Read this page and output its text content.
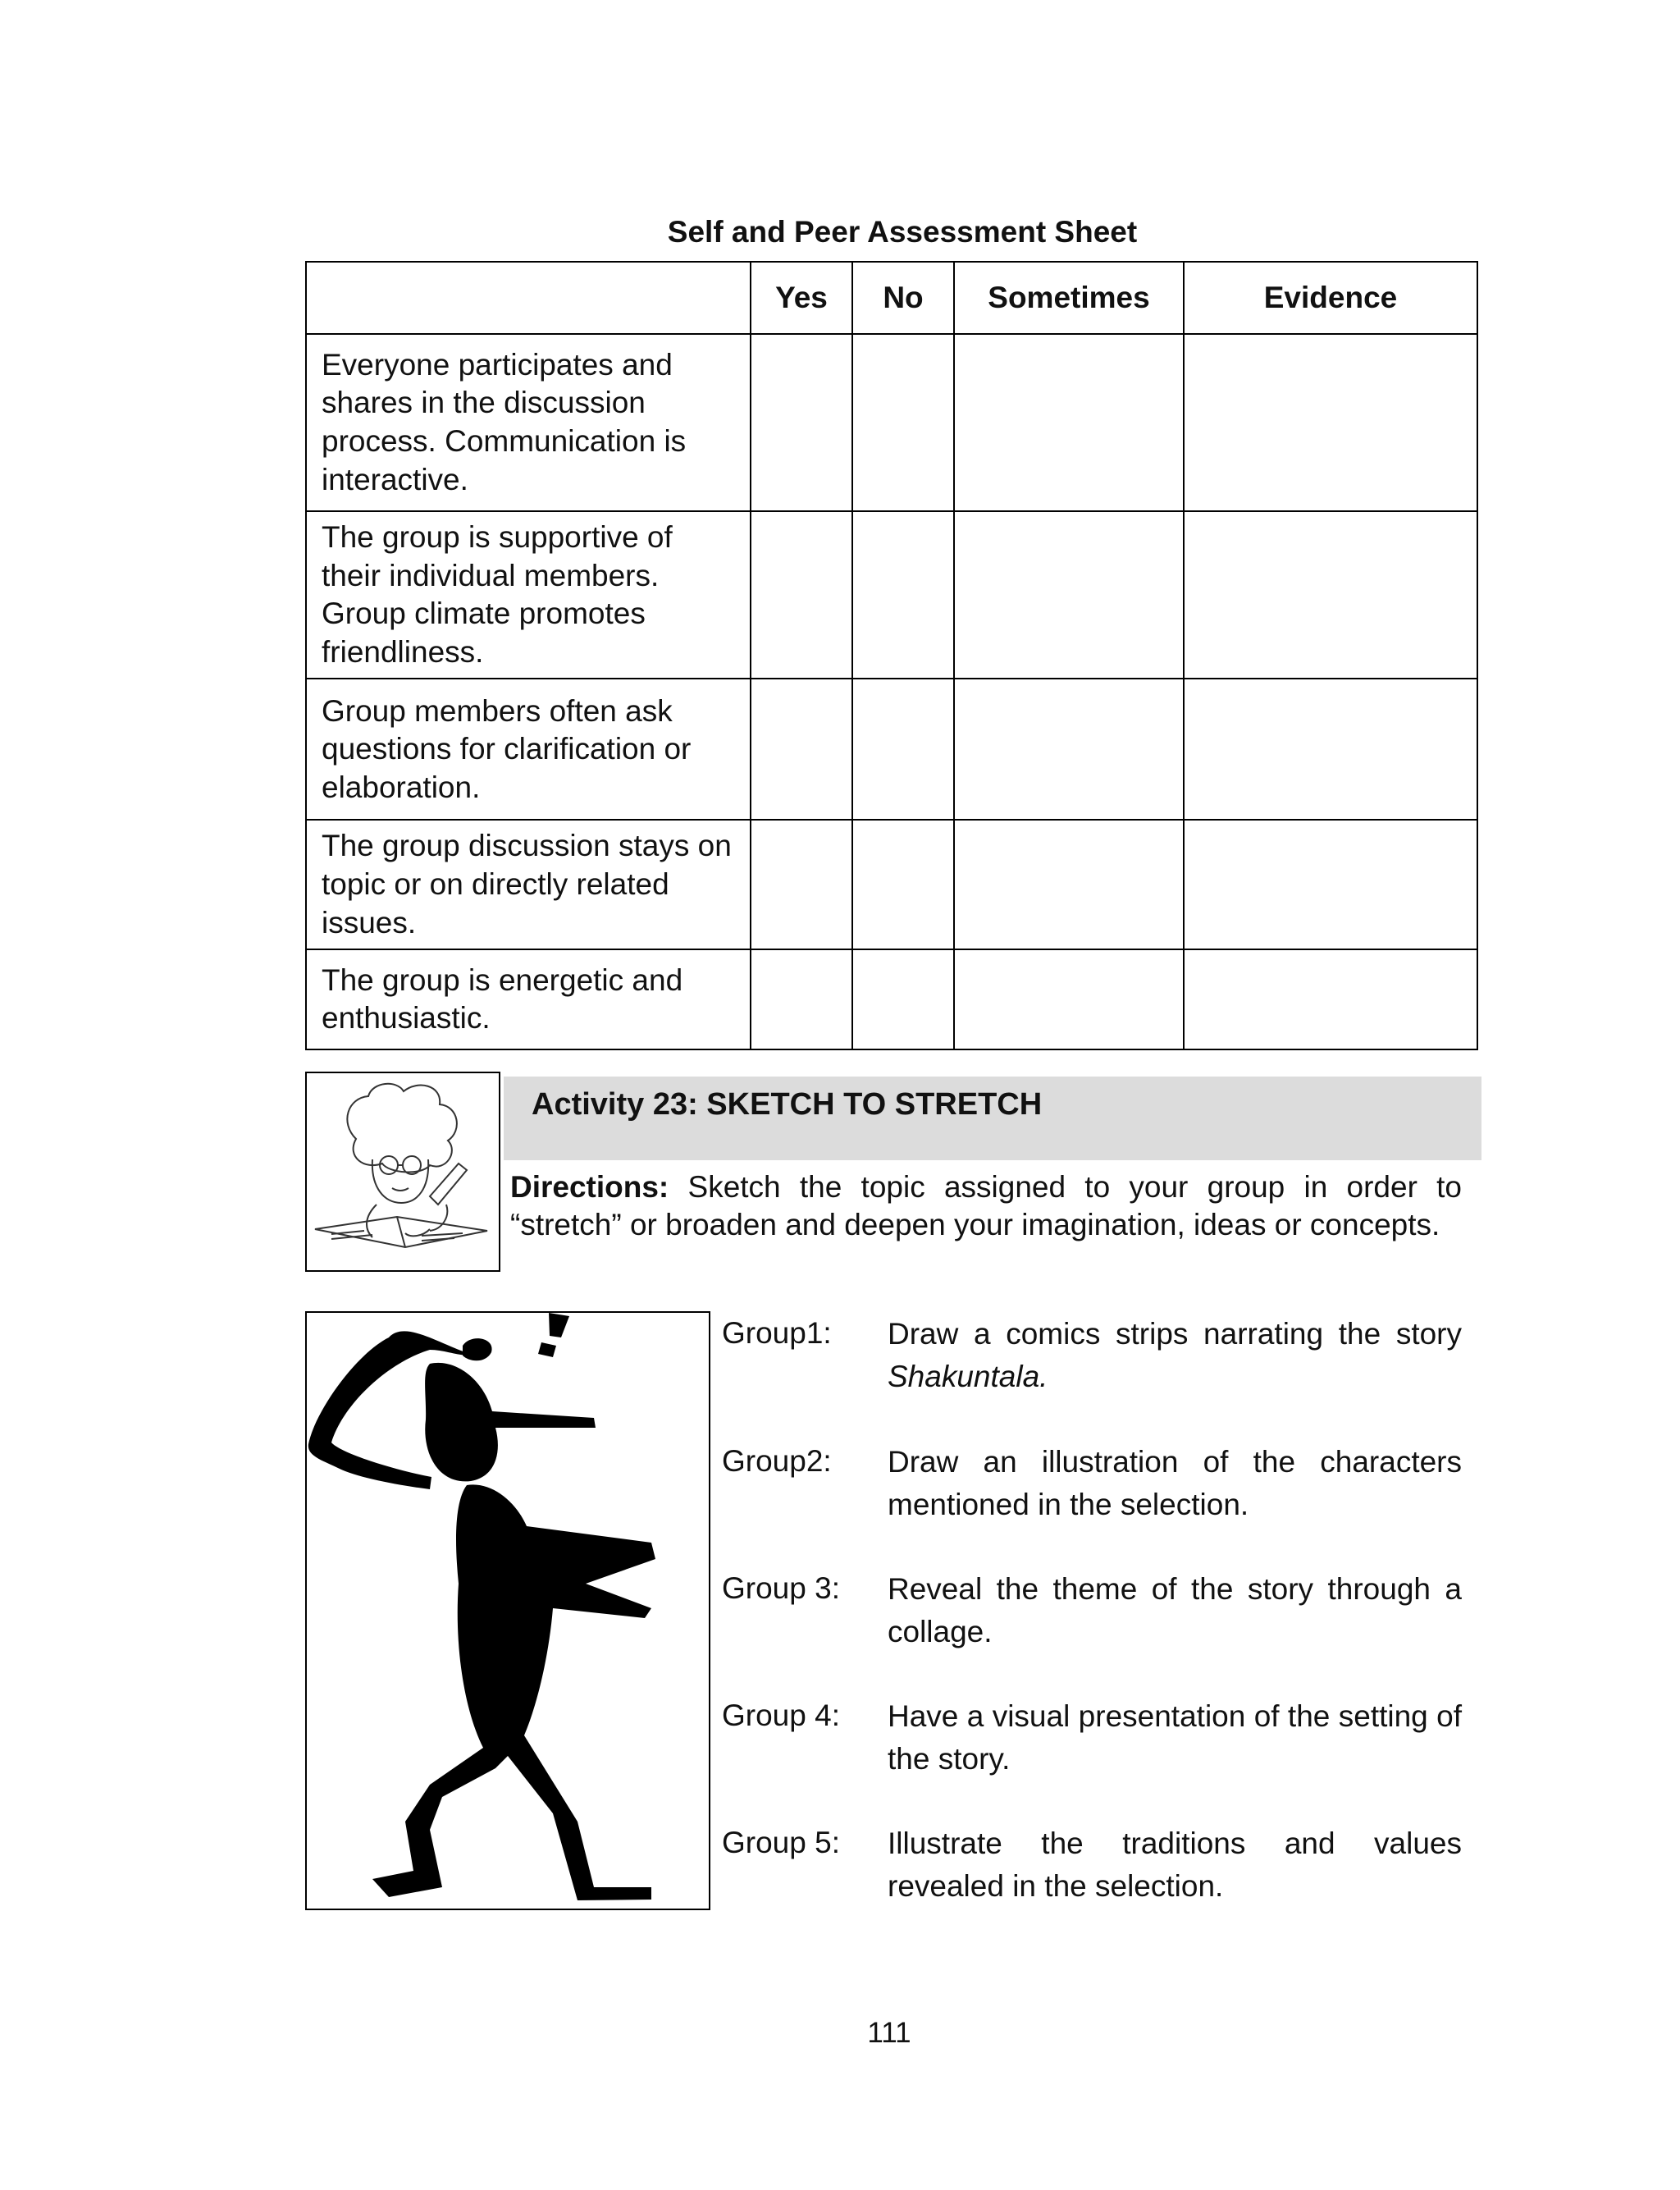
Self and Peer Assessment Sheet
	Yes	No	Sometimes	Evidence
Everyone participates and shares in the discussion process. Communication is interactive.				
The group is supportive of their individual members. Group climate promotes friendliness.				
Group members often ask questions for clarification or elaboration.				
The group discussion stays on topic or on directly related issues.				
The group is energetic and enthusiastic.				
Activity 23: SKETCH TO STRETCH
Directions: Sketch the topic assigned to your group in order to “stretch” or broaden and deepen your imagination, ideas or concepts.
Group1: Draw a comics strips narrating the story Shakuntala.
Group2: Draw an illustration of the characters mentioned in the selection.
Group 3: Reveal the theme of the story through a collage.
Group 4: Have a visual presentation of the setting of the story.
Group 5: Illustrate the traditions and values revealed in the selection.
111
